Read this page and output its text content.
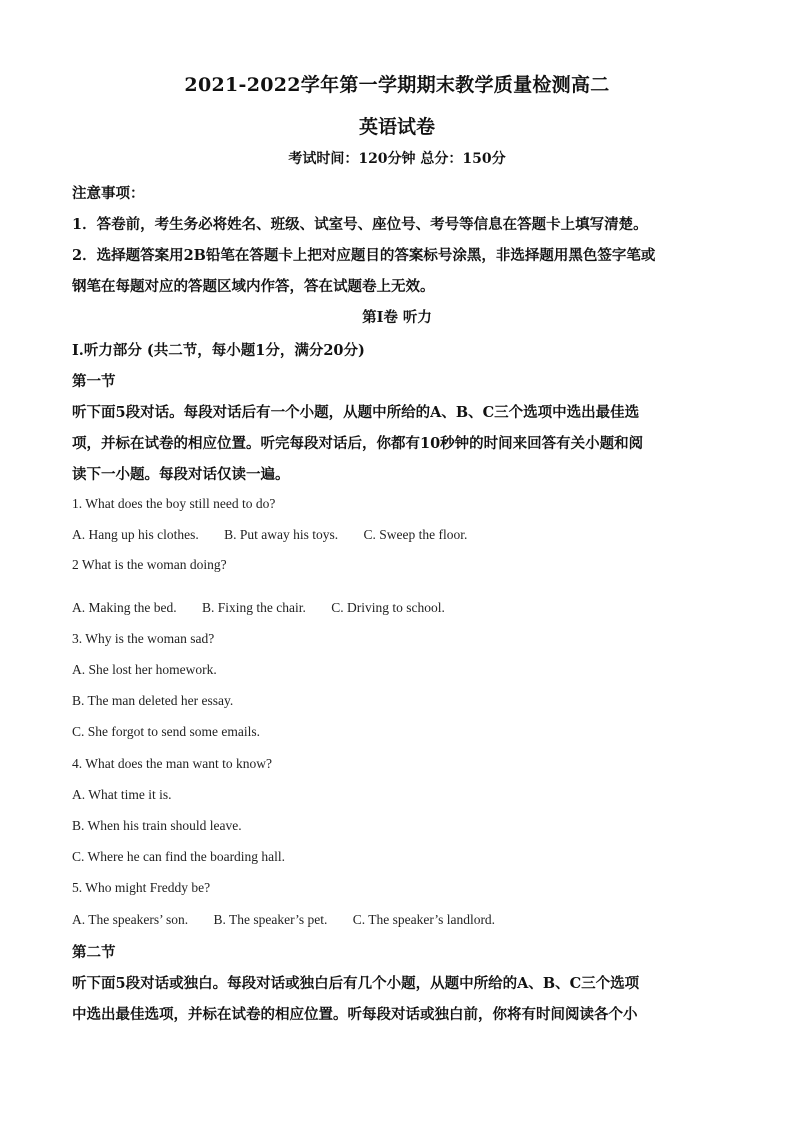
2021-2022学年第一学期期末教学质量检测高二
英语试卷
考试时间：120分钟 总分：150分
注意事项：
1．答卷前，考生务必将姓名、班级、试室号、座位号、考号等信息在答题卡上填写清楚。
2．选择题答案用2B铅笔在答题卡上把对应题目的答案标号涂黑，非选择题用黑色签字笔或
钢笔在每题对应的答题区域内作答，答在试题卷上无效。
第I卷 听力
I.听力部分 (共二节，每小题1分，满分20分)
第一节
听下面5段对话。每段对话后有一个小题，从题中所给的A、B、C三个选项中选出最佳选
项，并标在试卷的相应位置。听完每段对话后，你都有10秒钟的时间来回答有关小题和阅
读下一小题。每段对话仅读一遍。
1. What does the boy still need to do?
A. Hang up his clothes. B. Put away his toys. C. Sweep the floor.
2 What is the woman doing?
A. Making the bed. B. Fixing the chair. C. Driving to school.
3. Why is the woman sad?
A. She lost her homework.
B. The man deleted her essay.
C. She forgot to send some emails.
4. What does the man want to know?
A. What time it is.
B. When his train should leave.
C. Where he can find the boarding hall.
5. Who might Freddy be?
A. The speakers’ son. B. The speaker’s pet. C. The speaker’s landlord.
第二节
听下面5段对话或独白。每段对话或独白后有几个小题，从题中所给的A、B、C三个选项
中选出最佳选项，并标在试卷的相应位置。听每段对话或独白前，你将有时间阅读各个小
